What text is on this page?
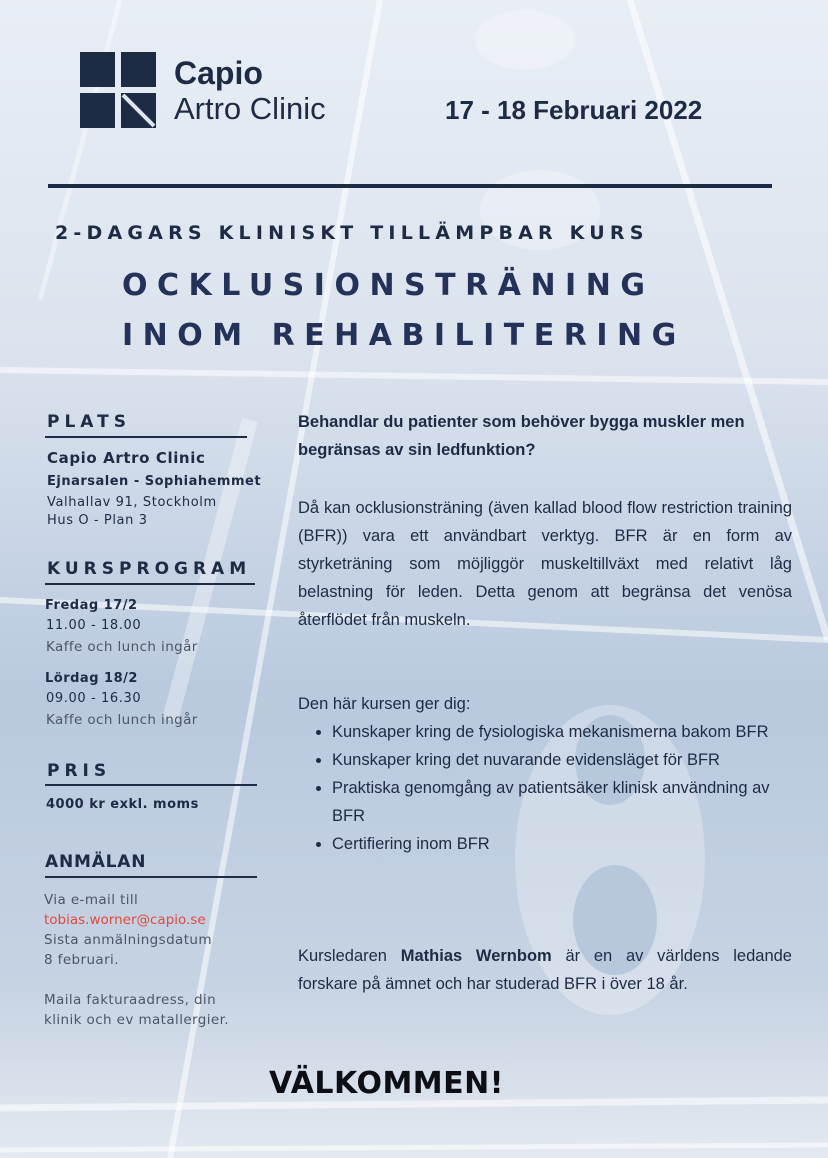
Capio
Artro Clinic	17 - 18 Februari 2022
2-DAGARS KLINISKT TILLÄMPBAR KURS
OCKLUSIONSTRÄNING
INOM REHABILITERING
PLATS
Capio Artro Clinic
Ejnarsalen - Sophiahemmet
Valhallav 91, Stockholm
Hus O - Plan 3
KURSPROGRAM
Fredag 17/2
11.00 - 18.00
Kaffe och lunch ingår
Lördag 18/2
09.00 - 16.30
Kaffe och lunch ingår
PRIS
4000 kr exkl. moms
ANMÄLAN
Via e-mail till
tobias.worner@capio.se
Sista anmälningsdatum
8 februari.
Maila fakturaadress, din
klinik och ev matallergier.
Behandlar du patienter som behöver bygga muskler men begränsas av sin ledfunktion?
Då kan ocklusionsträning (även kallad blood flow restriction training (BFR)) vara ett användbart verktyg. BFR är en form av styrketräning som möjliggör muskeltillväxt med relativt låg belastning för leden. Detta genom att begränsa det venösa återflödet från muskeln.
Den här kursen ger dig:
• Kunskaper kring de fysiologiska mekanismerna bakom BFR
• Kunskaper kring det nuvarande evidensläget för BFR
• Praktiska genomgång av patientsäker klinisk användning av BFR
• Certifiering inom BFR
Kursledaren Mathias Wernbom är en av världens ledande forskare på ämnet och har studerad BFR i över 18 år.
VÄLKOMMEN!
